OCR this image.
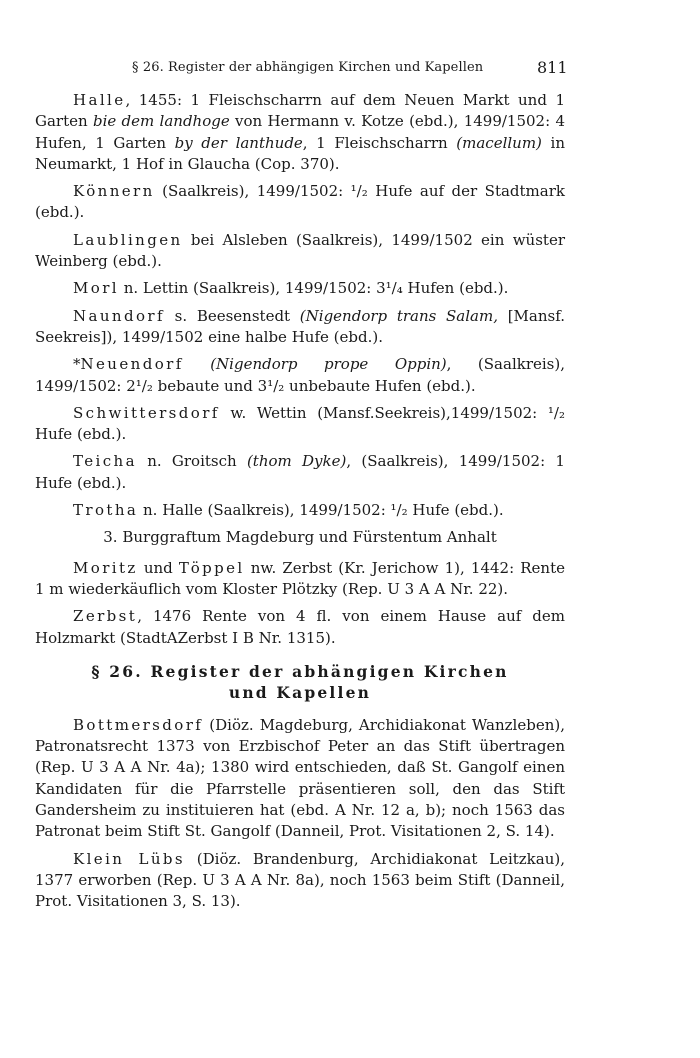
§ 26. Register der abhängigen Kirchen und Kapellen	811

Halle, 1455: 1 Fleischscharrn auf dem Neuen Markt und 1 Garten bie dem landhoge von Hermann v. Kotze (ebd.), 1499/1502: 4 Hufen, 1 Garten by der lanthude, 1 Fleischscharrn (macellum) in Neumarkt, 1 Hof in Glaucha (Cop. 370).

Könnern (Saalkreis), 1499/1502: ¹/₂ Hufe auf der Stadtmark (ebd.).

Laublingen bei Alsleben (Saalkreis), 1499/1502 ein wüster Weinberg (ebd.).

Morl n. Lettin (Saalkreis), 1499/1502: 3¹/₄ Hufen (ebd.).

Naundorf s. Beesenstedt (Nigendorp trans Salam, [Mansf. Seekreis]), 1499/1502 eine halbe Hufe (ebd.).

*Neuendorf (Nigendorp prope Oppin), (Saalkreis), 1499/1502: 2¹/₂ bebaute und 3¹/₂ unbebaute Hufen (ebd.).

Schwittersdorf w. Wettin (Mansf.Seekreis),1499/1502: ¹/₂ Hufe (ebd.).

Teicha n. Groitsch (thom Dyke), (Saalkreis), 1499/1502: 1 Hufe (ebd.).

Trotha n. Halle (Saalkreis), 1499/1502: ¹/₂ Hufe (ebd.).

3. Burggraftum Magdeburg und Fürstentum Anhalt

Moritz und Töppel nw. Zerbst (Kr. Jerichow 1), 1442: Rente 1 m wiederkäuflich vom Kloster Plötzky (Rep. U 3 A A Nr. 22).

Zerbst, 1476 Rente von 4 fl. von einem Hause auf dem Holzmarkt (StadtAZerbst I B Nr. 1315).

§ 26. Register der abhängigen Kirchen
und Kapellen

Bottmersdorf (Diöz. Magdeburg, Archidiakonat Wanzleben), Patronatsrecht 1373 von Erzbischof Peter an das Stift übertragen (Rep. U 3 A A Nr. 4a); 1380 wird entschieden, daß St. Gangolf einen Kandidaten für die Pfarrstelle präsentieren soll, den das Stift Gandersheim zu instituieren hat (ebd. A Nr. 12 a, b); noch 1563 das Patronat beim Stift St. Gangolf (Danneil, Prot. Visitationen 2, S. 14).

Klein Lübs (Diöz. Brandenburg, Archidiakonat Leitzkau), 1377 erworben (Rep. U 3 A A Nr. 8a), noch 1563 beim Stift (Danneil, Prot. Visitationen 3, S. 13).
